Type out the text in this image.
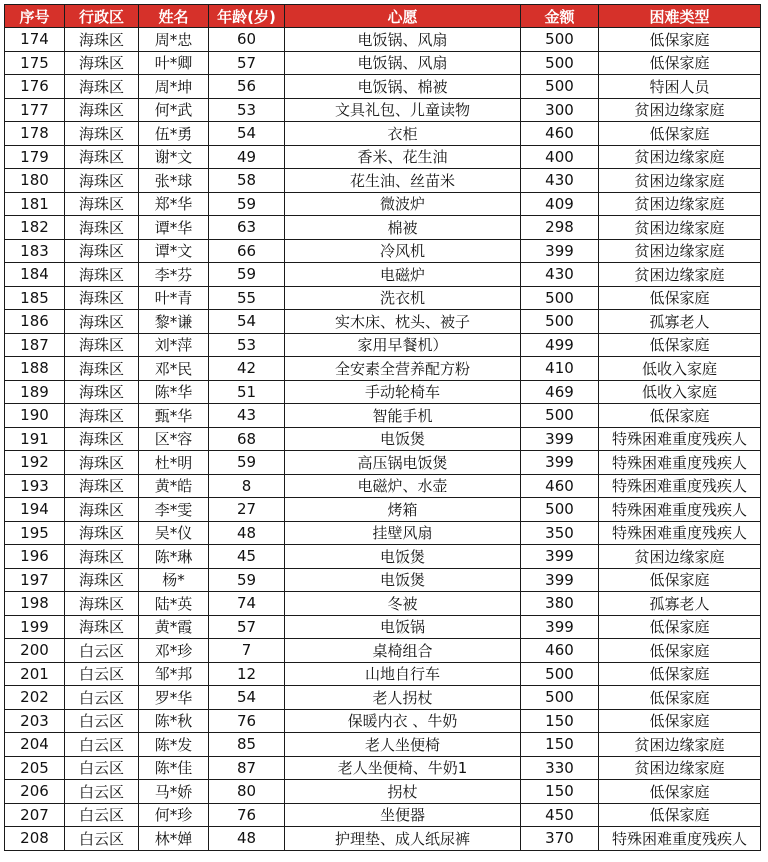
序号	行政区	姓名	年龄(岁)	心愿	金额	困难类型
174	海珠区	周*忠	60	电饭锅、风扇	500	低保家庭
175	海珠区	叶*卿	57	电饭锅、风扇	500	低保家庭
176	海珠区	周*坤	56	电饭锅、棉被	500	特困人员
177	海珠区	何*武	53	文具礼包、儿童读物	300	贫困边缘家庭
178	海珠区	伍*勇	54	衣柜	460	低保家庭
179	海珠区	谢*文	49	香米、花生油	400	贫困边缘家庭
180	海珠区	张*球	58	花生油、丝苗米	430	贫困边缘家庭
181	海珠区	郑*华	59	微波炉	409	贫困边缘家庭
182	海珠区	谭*华	63	棉被	298	贫困边缘家庭
183	海珠区	谭*文	66	冷风机	399	贫困边缘家庭
184	海珠区	李*芬	59	电磁炉	430	贫困边缘家庭
185	海珠区	叶*青	55	洗衣机	500	低保家庭
186	海珠区	黎*谦	54	实木床、枕头、被子	500	孤寡老人
187	海珠区	刘*萍	53	家用早餐机）	499	低保家庭
188	海珠区	邓*民	42	全安素全营养配方粉	410	低收入家庭
189	海珠区	陈*华	51	手动轮椅车	469	低收入家庭
190	海珠区	甄*华	43	智能手机	500	低保家庭
191	海珠区	区*容	68	电饭煲	399	特殊困难重度残疾人
192	海珠区	杜*明	59	高压锅电饭煲	399	特殊困难重度残疾人
193	海珠区	黄*皓	8	电磁炉、水壶	460	特殊困难重度残疾人
194	海珠区	李*雯	27	烤箱	500	特殊困难重度残疾人
195	海珠区	吴*仪	48	挂壁风扇	350	特殊困难重度残疾人
196	海珠区	陈*琳	45	电饭煲	399	贫困边缘家庭
197	海珠区	杨*	59	电饭煲	399	低保家庭
198	海珠区	陆*英	74	冬被	380	孤寡老人
199	海珠区	黄*霞	57	电饭锅	399	低保家庭
200	白云区	邓*珍	7	桌椅组合	460	低保家庭
201	白云区	邹*邦	12	山地自行车	500	低保家庭
202	白云区	罗*华	54	老人拐杖	500	低保家庭
203	白云区	陈*秋	76	保暖内衣 、牛奶	150	低保家庭
204	白云区	陈*发	85	老人坐便椅	150	贫困边缘家庭
205	白云区	陈*佳	87	老人坐便椅、牛奶1	330	贫困边缘家庭
206	白云区	马*娇	80	拐杖	150	低保家庭
207	白云区	何*珍	76	坐便器	450	低保家庭
208	白云区	林*婵	48	护理垫、成人纸尿裤	370	特殊困难重度残疾人
